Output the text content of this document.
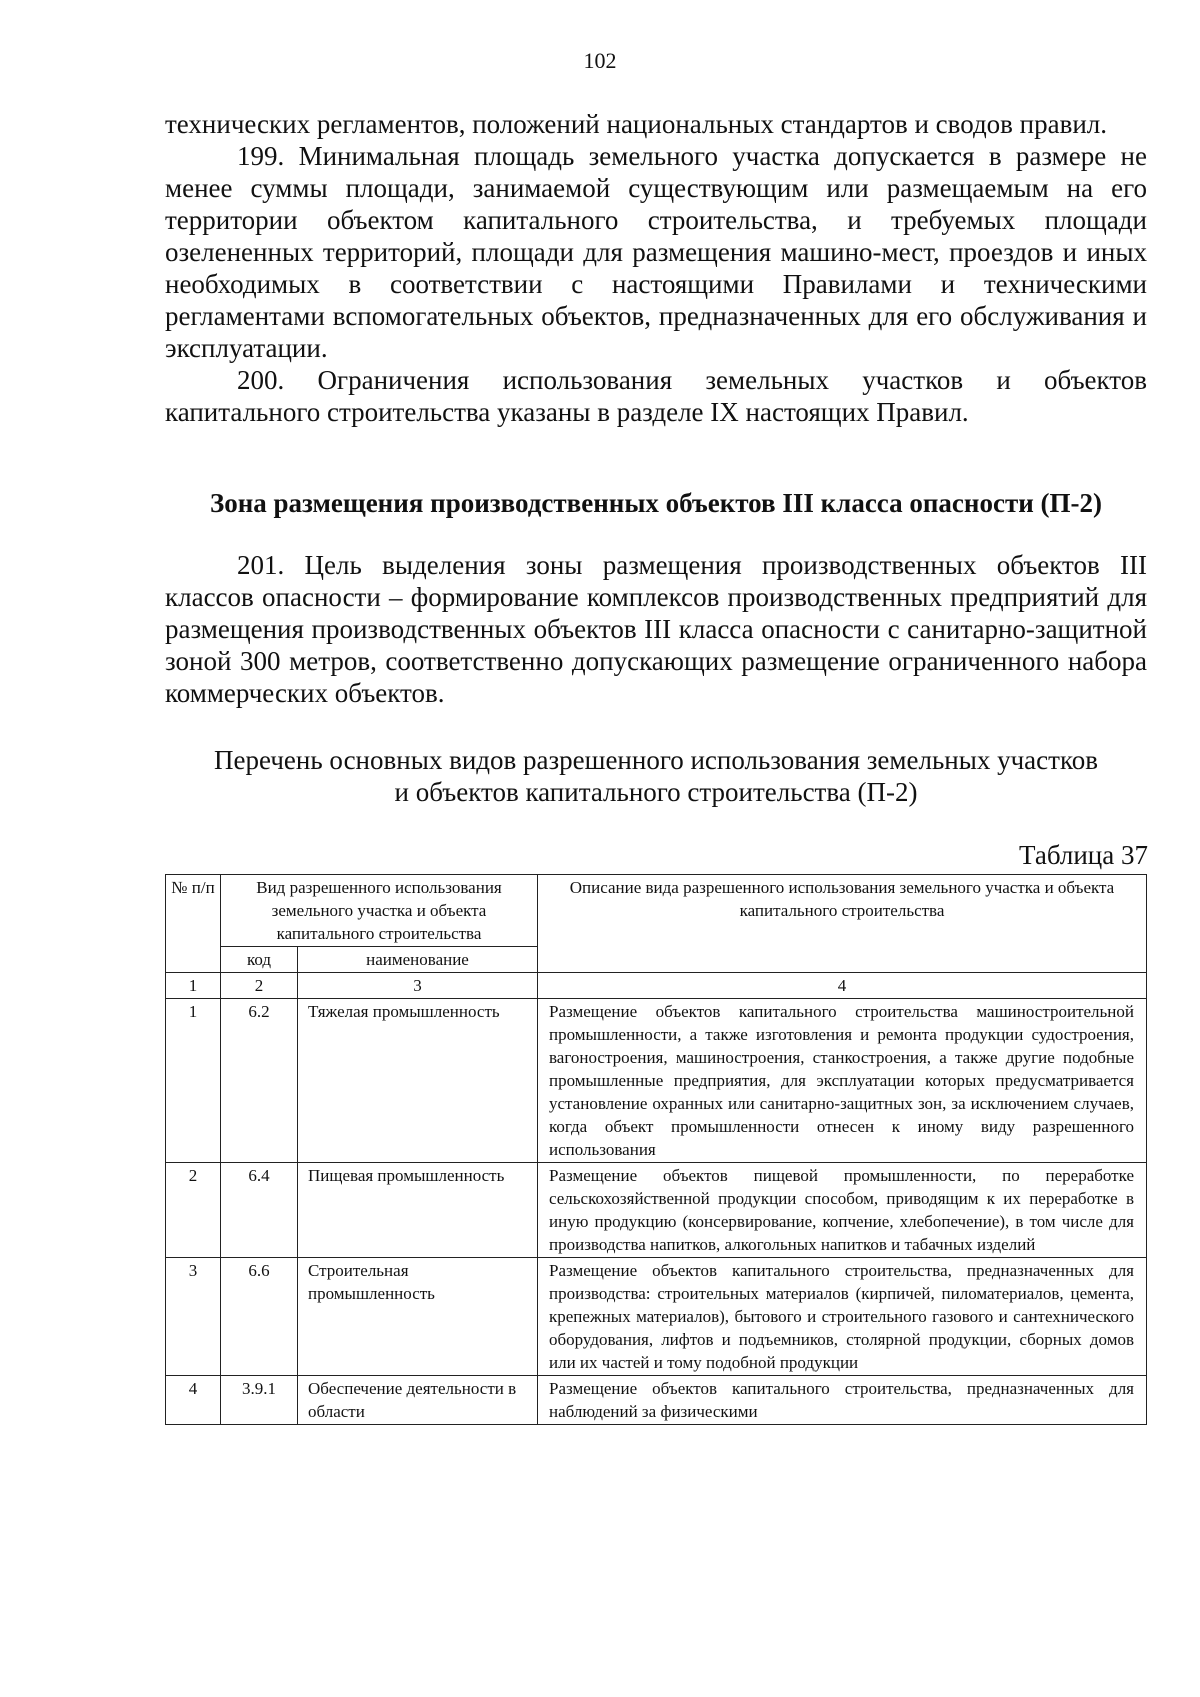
102

технических регламентов, положений национальных стандартов и сводов правил.

199. Минимальная площадь земельного участка допускается в размере не менее суммы площади, занимаемой существующим или размещаемым на его территории объектом капитального строительства, и требуемых площади озелененных территорий, площади для размещения машино-мест, проездов и иных необходимых в соответствии с настоящими Правилами и техническими регламентами вспомогательных объектов, предназначенных для его обслуживания и эксплуатации.

200. Ограничения использования земельных участков и объектов капитального строительства указаны в разделе IX настоящих Правил.

Зона размещения производственных объектов III класса опасности (П-2)

201. Цель выделения зоны размещения производственных объектов III классов опасности – формирование комплексов производственных предприятий для размещения производственных объектов III класса опасности с санитарно-защитной зоной 300 метров, соответственно допускающих размещение ограниченного набора коммерческих объектов.

Перечень основных видов разрешенного использования земельных участков
и объектов капитального строительства (П-2)
Таблица 37
№ п/п	Вид разрешенного использования земельного участка и объекта капитального строительства		Описание вида разрешенного использования земельного участка и объекта капитального строительства
	код	наименование	
1	2	3	4
1	6.2	Тяжелая промышленность	Размещение объектов капитального строительства машиностроительной промышленности, а также изготовления и ремонта продукции судостроения, вагоностроения, машиностроения, станкостроения, а также другие подобные промышленные предприятия, для эксплуатации которых предусматривается установление охранных или санитарно-защитных зон, за исключением случаев, когда объект промышленности отнесен к иному виду разрешенного использования
2	6.4	Пищевая промышленность	Размещение объектов пищевой промышленности, по переработке сельскохозяйственной продукции способом, приводящим к их переработке в иную продукцию (консервирование, копчение, хлебопечение), в том числе для производства напитков, алкогольных напитков и табачных изделий
3	6.6	Строительная промышленность	Размещение объектов капитального строительства, предназначенных для производства: строительных материалов (кирпичей, пиломатериалов, цемента, крепежных материалов), бытового и строительного газового и сантехнического оборудования, лифтов и подъемников, столярной продукции, сборных домов или их частей и тому подобной продукции
4	3.9.1	Обеспечение деятельности в области	Размещение объектов капитального строительства, предназначенных для наблюдений за физическими
